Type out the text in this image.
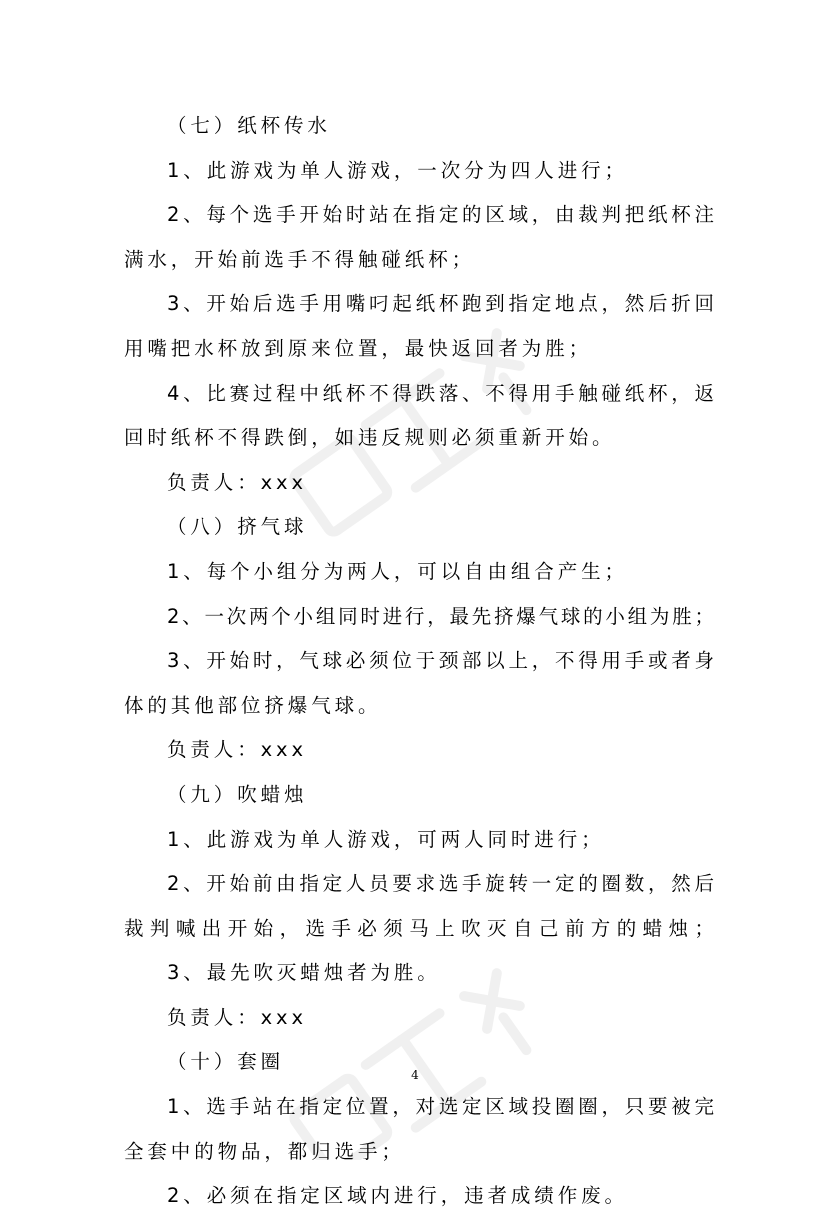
（七）纸杯传水
1、此游戏为单人游戏，一次分为四人进行；
2、每个选手开始时站在指定的区域，由裁判把纸杯注
满水，开始前选手不得触碰纸杯；
3、开始后选手用嘴叼起纸杯跑到指定地点，然后折回
用嘴把水杯放到原来位置，最快返回者为胜；
4、比赛过程中纸杯不得跌落、不得用手触碰纸杯，返
回时纸杯不得跌倒，如违反规则必须重新开始。
负责人：xxx
（八）挤气球
1、每个小组分为两人，可以自由组合产生；
2、一次两个小组同时进行，最先挤爆气球的小组为胜；
3、开始时，气球必须位于颈部以上，不得用手或者身
体的其他部位挤爆气球。
负责人：xxx
（九）吹蜡烛
1、此游戏为单人游戏，可两人同时进行；
2、开始前由指定人员要求选手旋转一定的圈数，然后
裁判喊出开始，选手必须马上吹灭自己前方的蜡烛；
3、最先吹灭蜡烛者为胜。
负责人：xxx
（十）套圈
1、选手站在指定位置，对选定区域投圈圈，只要被完
全套中的物品，都归选手；
2、必须在指定区域内进行，违者成绩作废。
4
